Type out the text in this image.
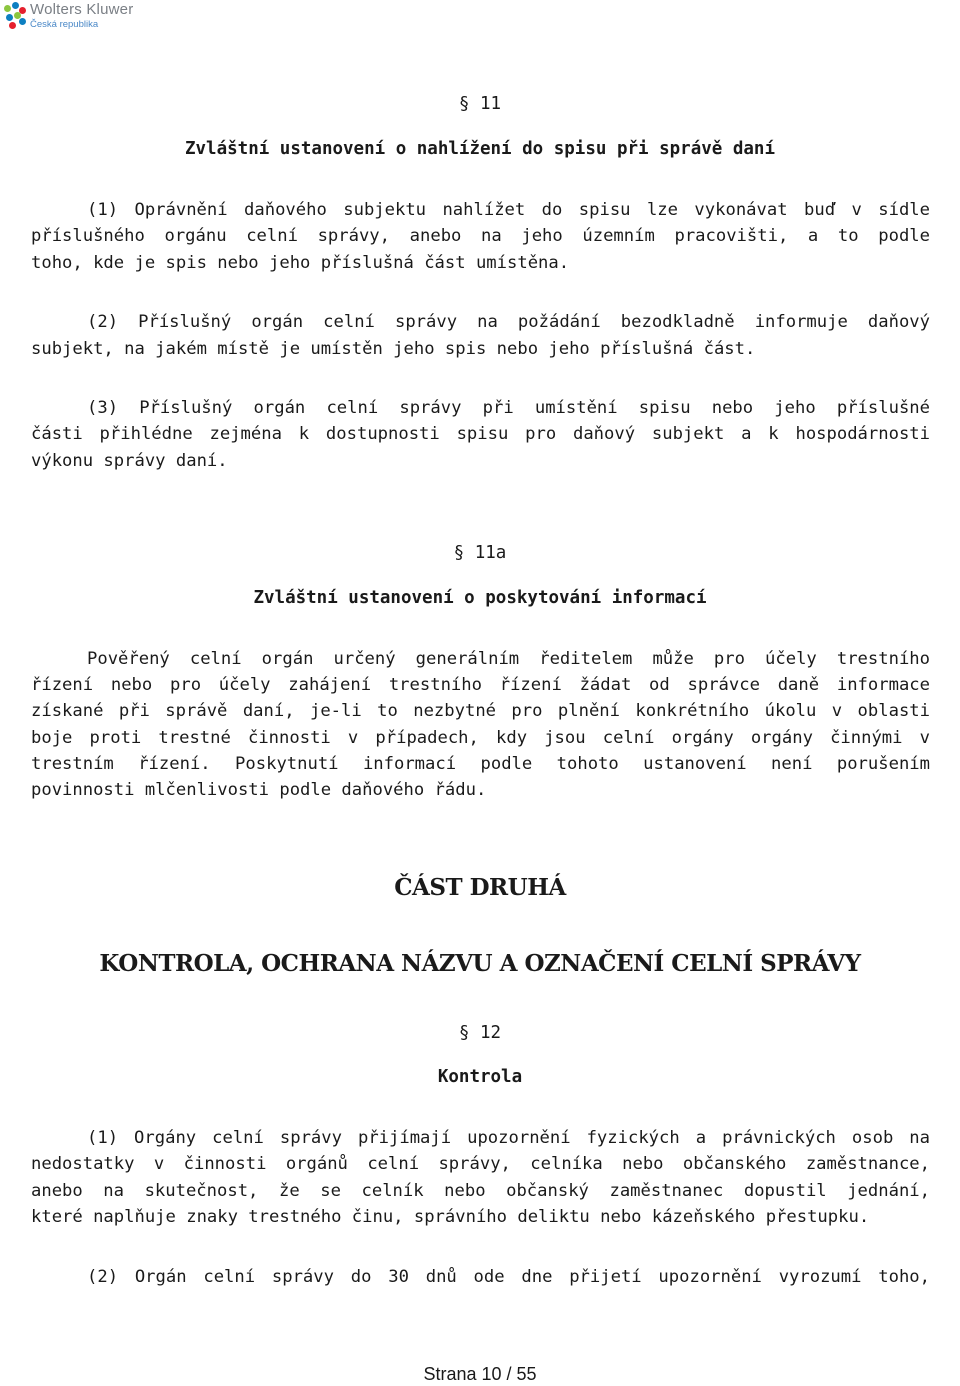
Wolters Kluwer
Česká republika
§ 11
Zvláštní ustanovení o nahlížení do spisu při správě daní
(1) Oprávnění daňového subjektu nahlížet do spisu lze vykonávat buď v sídle
příslušného orgánu celní správy, anebo na jeho územním pracovišti, a to podle
toho, kde je spis nebo jeho příslušná část umístěna.
(2) Příslušný orgán celní správy na požádání bezodkladně informuje daňový
subjekt, na jakém místě je umístěn jeho spis nebo jeho příslušná část.
(3) Příslušný orgán celní správy při umístění spisu nebo jeho příslušné
části přihlédne zejména k dostupnosti spisu pro daňový subjekt a k hospodárnosti
výkonu správy daní.
§ 11a
Zvláštní ustanovení o poskytování informací
Pověřený celní orgán určený generálním ředitelem může pro účely trestního
řízení nebo pro účely zahájení trestního řízení žádat od správce daně informace
získané při správě daní, je-li to nezbytné pro plnění konkrétního úkolu v oblasti
boje proti trestné činnosti v případech, kdy jsou celní orgány orgány činnými v
trestním řízení. Poskytnutí informací podle tohoto ustanovení není porušením
povinnosti mlčenlivosti podle daňového řádu.
ČÁST DRUHÁ
KONTROLA, OCHRANA NÁZVU A OZNAČENÍ CELNÍ SPRÁVY
§ 12
Kontrola
(1) Orgány celní správy přijímají upozornění fyzických a právnických osob na
nedostatky v činnosti orgánů celní správy, celníka nebo občanského zaměstnance,
anebo na skutečnost, že se celník nebo občanský zaměstnanec dopustil jednání,
které naplňuje znaky trestného činu, správního deliktu nebo kázeňského přestupku.
(2) Orgán celní správy do 30 dnů ode dne přijetí upozornění vyrozumí toho,
Strana 10 / 55
